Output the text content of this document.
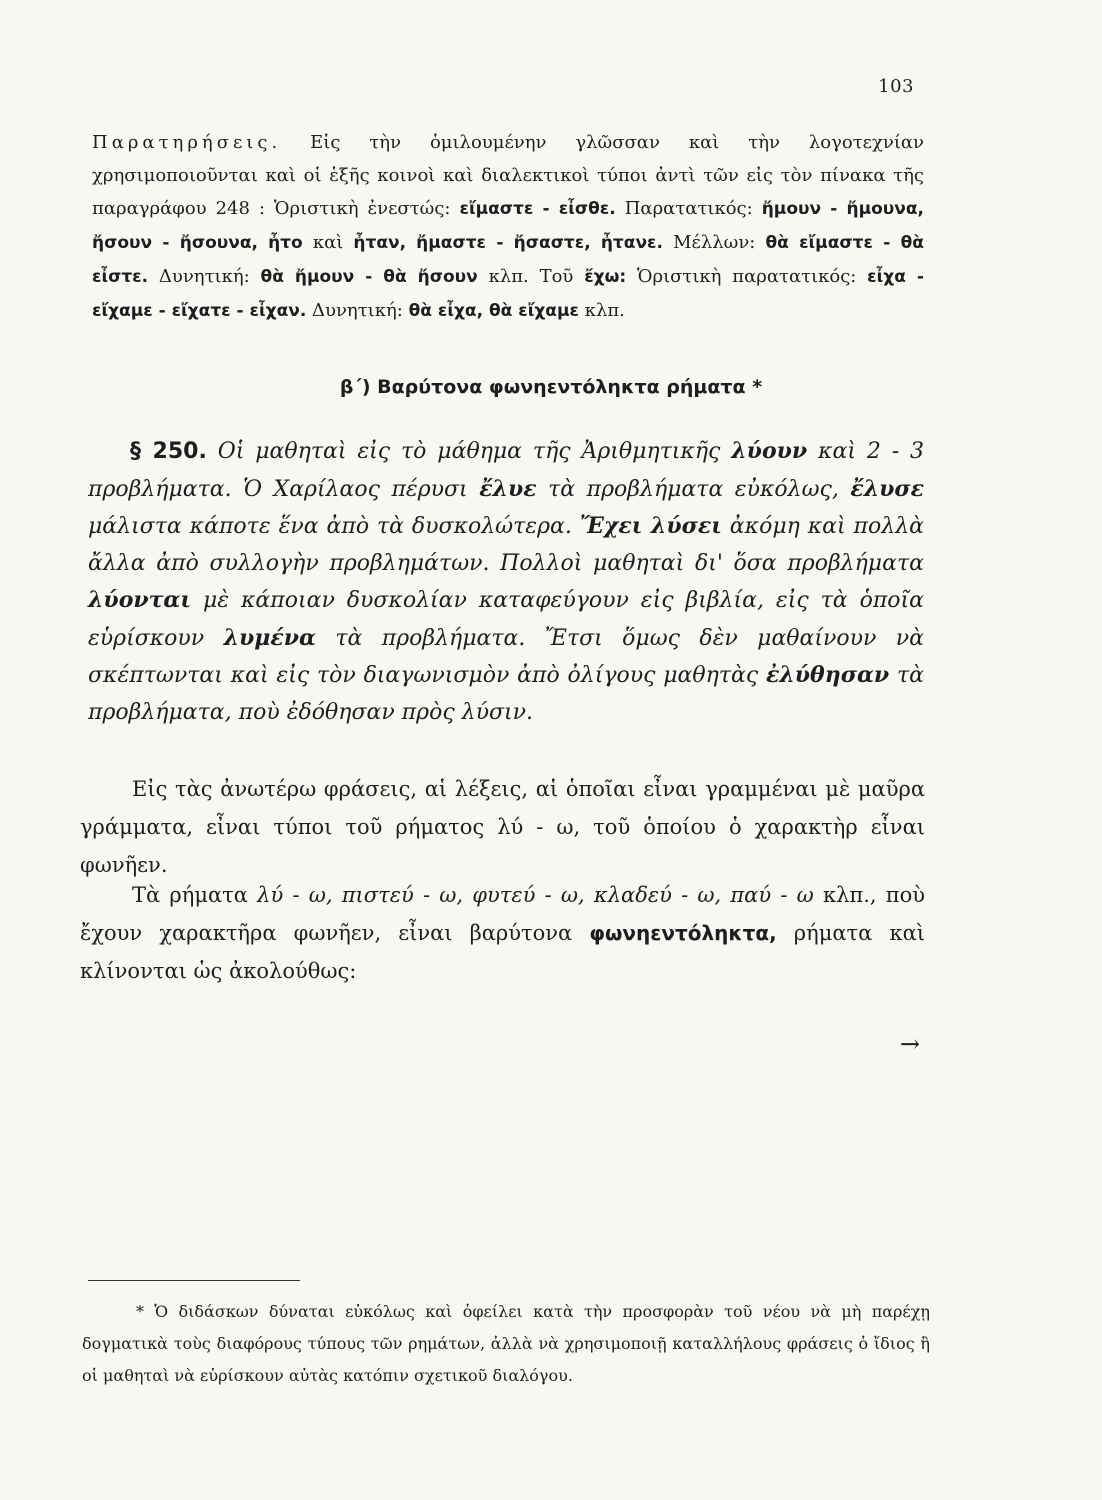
103

Παρατηρήσεις. Εἰς τὴν ὁμιλουμένην γλῶσσαν καὶ τὴν λογοτεχνίαν χρησιμοποιοῦνται καὶ οἱ ἑξῆς κοινοὶ καὶ διαλεκτικοὶ τύποι ἀντὶ τῶν εἰς τὸν πίνακα τῆς παραγράφου 248 : Ὁριστικὴ ἐνεστώς: εἴμαστε - εἶσθε. Παρατατικός: ἤμουν - ἤμουνα, ἤσουν - ἤσουνα, ἦτο καὶ ἦταν, ἤμαστε - ἤσαστε, ἦτανε. Μέλλων: θὰ εἴμαστε - θὰ εἶστε. Δυνητική: θὰ ἤμουν - θὰ ἤσουν κλπ. Τοῦ ἔχω: Ὁριστικὴ παρατατικός: εἶχα - εἴχαμε - εἴχατε - εἶχαν. Δυνητική: θὰ εἶχα, θὰ εἴχαμε κλπ.

β΄) Βαρύτονα φωνηεντόληκτα ρήματα *

§ 250. Οἱ μαθηταὶ εἰς τὸ μάθημα τῆς Ἀριθμητικῆς λύουν καὶ 2 - 3 προβλήματα. Ὁ Χαρίλαος πέρυσι ἔλυε τὰ προβλήματα εὐκόλως, ἔλυσε μάλιστα κάποτε ἕνα ἀπὸ τὰ δυσκολώτερα. Ἔχει λύσει ἀκόμη καὶ πολλὰ ἄλλα ἀπὸ συλλογὴν προβλημάτων. Πολλοὶ μαθηταὶ δι' ὅσα προβλήματα λύονται μὲ κάποιαν δυσκολίαν καταφεύγουν εἰς βιβλία, εἰς τὰ ὁποῖα εὑρίσκουν λυμένα τὰ προβλήματα. Ἔτσι ὅμως δὲν μαθαίνουν νὰ σκέπτωνται καὶ εἰς τὸν διαγωνισμὸν ἀπὸ ὀλίγους μαθητὰς ἐλύθησαν τὰ προβλήματα, ποὺ ἐδόθησαν πρὸς λύσιν.

Εἰς τὰς ἀνωτέρω φράσεις, αἱ λέξεις, αἱ ὁποῖαι εἶναι γραμμέναι μὲ μαῦρα γράμματα, εἶναι τύποι τοῦ ρήματος λύ - ω, τοῦ ὁποίου ὁ χαρακτὴρ εἶναι φωνῆεν.

Τὰ ρήματα λύ - ω, πιστεύ - ω, φυτεύ - ω, κλαδεύ - ω, παύ - ω κλπ., ποὺ ἔχουν χαρακτῆρα φωνῆεν, εἶναι βαρύτονα φωνηεντόληκτα, ρήματα καὶ κλίνονται ὡς ἀκολούθως:

→

* Ὁ διδάσκων δύναται εὐκόλως καὶ ὀφείλει κατὰ τὴν προσφορὰν τοῦ νέου νὰ μὴ παρέχῃ δογματικὰ τοὺς διαφόρους τύπους τῶν ρημάτων, ἀλλὰ νὰ χρησιμοποιῇ καταλλήλους φράσεις ὁ ἴδιος ἢ οἱ μαθηταὶ νὰ εὑρίσκουν αὐτὰς κατόπιν σχετικοῦ διαλόγου.
